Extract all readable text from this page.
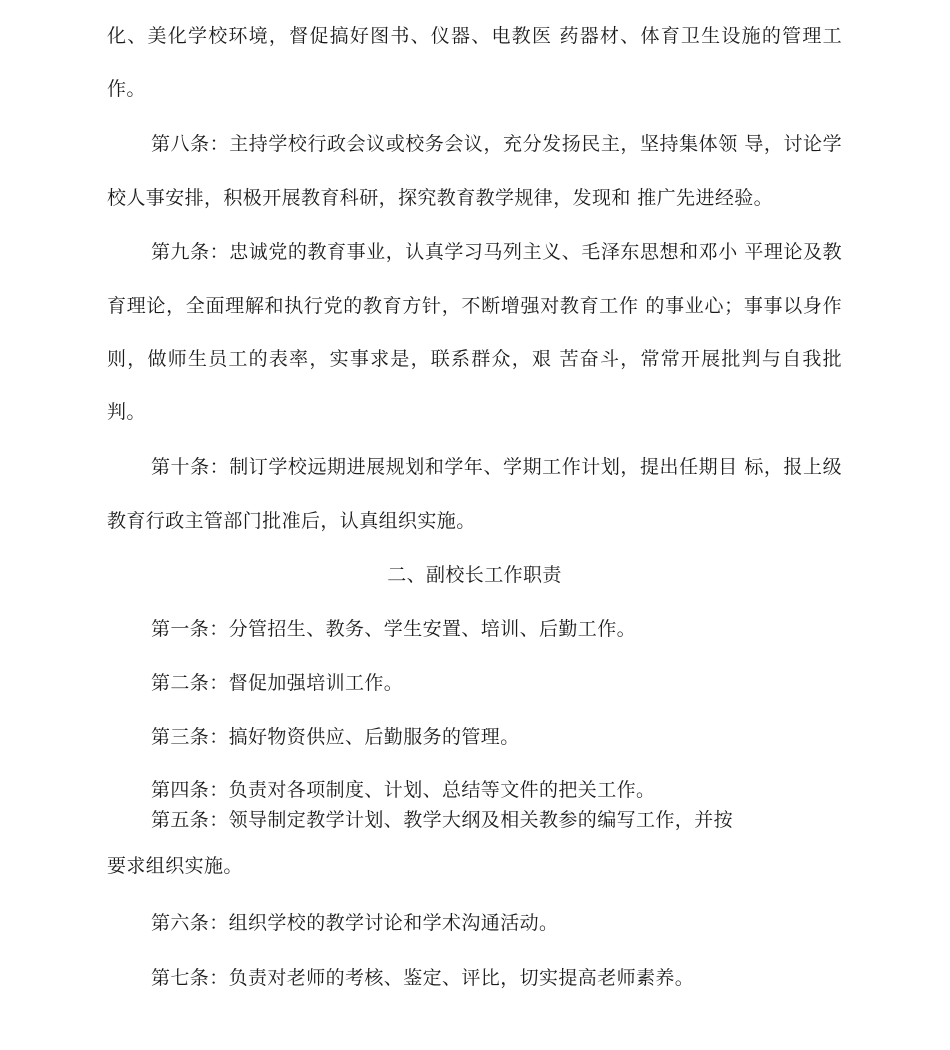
化、美化学校环境，督促搞好图书、仪器、电教医 药器材、体育卫生设施的管理工
作。
第八条：主持学校行政会议或校务会议，充分发扬民主，坚持集体领 导，讨论学
校人事安排，积极开展教育科研，探究教育教学规律，发现和 推广先进经验。
第九条：忠诚党的教育事业，认真学习马列主义、毛泽东思想和邓小 平理论及教
育理论，全面理解和执行党的教育方针，不断增强对教育工作 的事业心；事事以身作
则，做师生员工的表率，实事求是，联系群众，艰 苦奋斗，常常开展批判与自我批
判。
第十条：制订学校远期进展规划和学年、学期工作计划，提出任期目 标，报上级
教育行政主管部门批准后，认真组织实施。
二、副校长工作职责
第一条：分管招生、教务、学生安置、培训、后勤工作。
第二条：督促加强培训工作。
第三条：搞好物资供应、后勤服务的管理。
第四条：负责对各项制度、计划、总结等文件的把关工作。
第五条：领导制定教学计划、教学大纲及相关教参的编写工作，并按
要求组织实施。
第六条：组织学校的教学讨论和学术沟通活动。
第七条：负责对老师的考核、鉴定、评比，切实提高老师素养。
